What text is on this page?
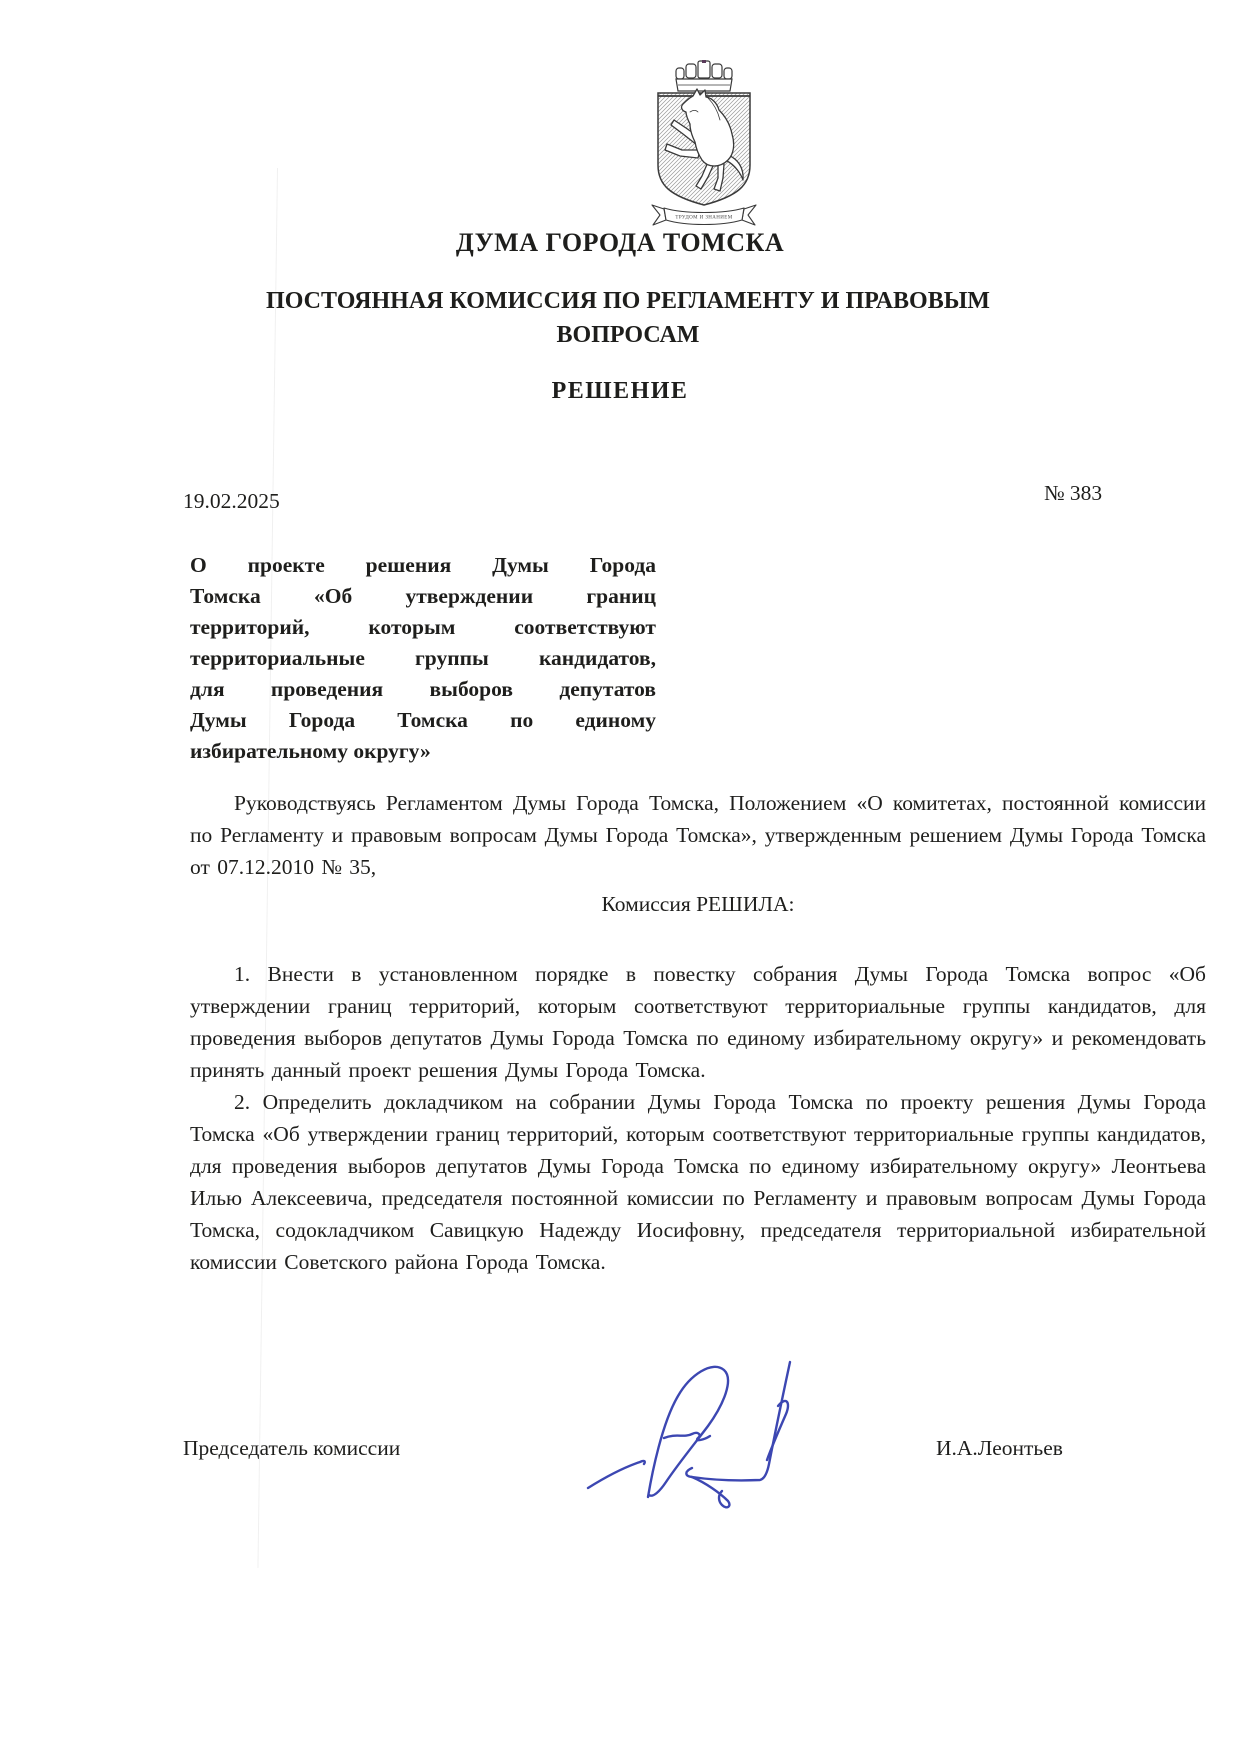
ТРУДОМ И ЗНАНИЕМ
ДУМА ГОРОДА ТОМСКА
ПОСТОЯННАЯ КОМИССИЯ ПО РЕГЛАМЕНТУ И ПРАВОВЫМ
ВОПРОСАМ
РЕШЕНИЕ
19.02.2025	№ 383
О проекте решения Думы Города
Томска «Об утверждении границ
территорий, которым соответствуют
территориальные группы кандидатов,
для проведения выборов депутатов
Думы Города Томска по единому
избирательному округу»

Руководствуясь Регламентом Думы Города Томска, Положением «О комитетах, постоянной комиссии по Регламенту и правовым вопросам Думы Города Томска», утвержденным решением Думы Города Томска от 07.12.2010 № 35,

Комиссия РЕШИЛА:

1. Внести в установленном порядке в повестку собрания Думы Города Томска вопрос «Об утверждении границ территорий, которым соответствуют территориальные группы кандидатов, для проведения выборов депутатов Думы Города Томска по единому избирательному округу» и рекомендовать принять данный проект решения Думы Города Томска.

2. Определить докладчиком на собрании Думы Города Томска по проекту решения Думы Города Томска «Об утверждении границ территорий, которым соответствуют территориальные группы кандидатов, для проведения выборов депутатов Думы Города Томска по единому избирательному округу» Леонтьева Илью Алексеевича, председателя постоянной комиссии по Регламенту и правовым вопросам Думы Города Томска, содокладчиком Савицкую Надежду Иосифовну, председателя территориальной избирательной комиссии Советского района Города Томска.

Председатель комиссии	И.А.Леонтьев
